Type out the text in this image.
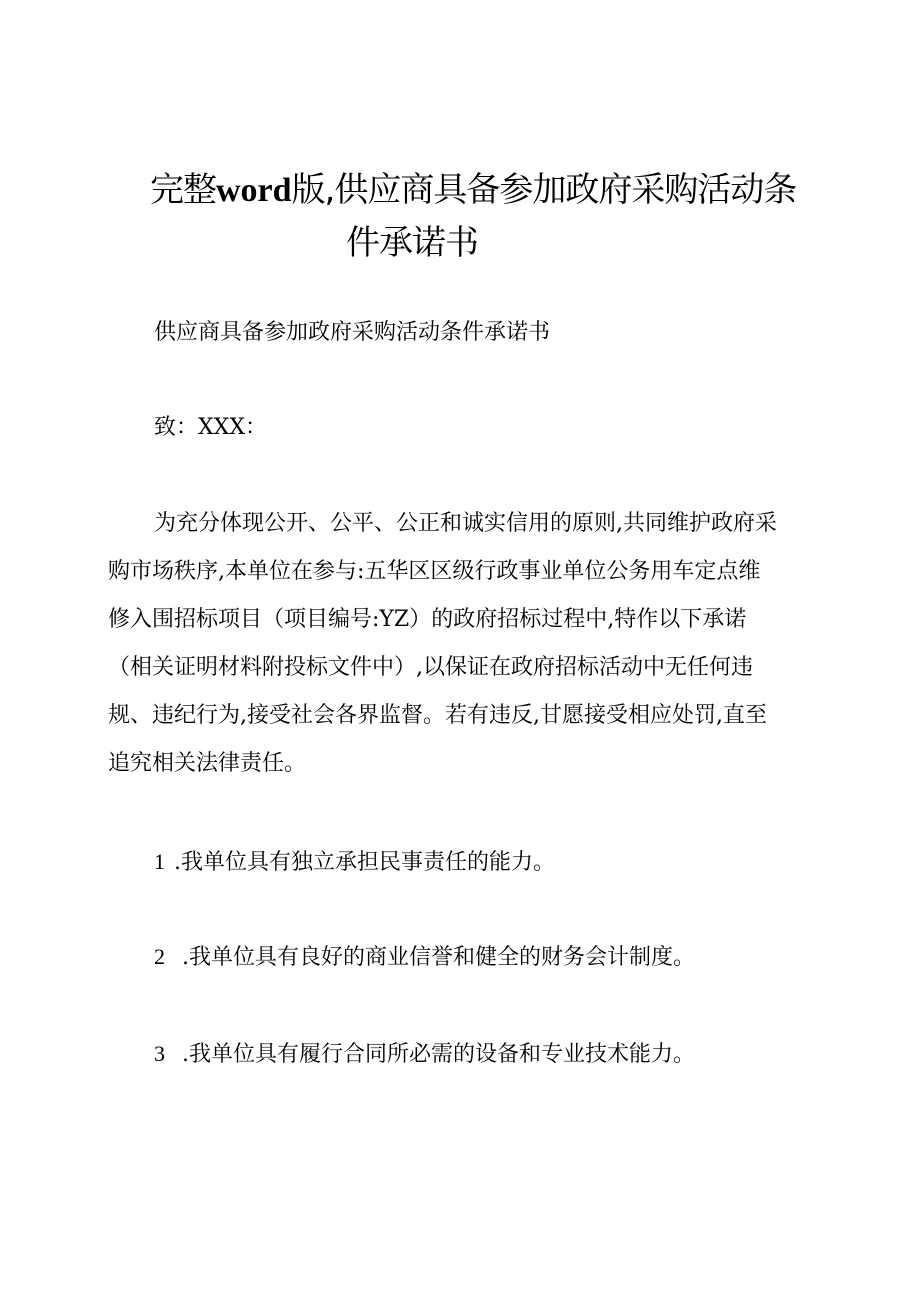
完整word版,供应商具备参加政府采购活动条
件承诺书

供应商具备参加政府采购活动条件承诺书

致：XXX：

为充分体现公开、公平、公正和诚实信用的原则,共同维护政府采
购市场秩序,本单位在参与:五华区区级行政事业单位公务用车定点维
修入围招标项目（项目编号:YZ）的政府招标过程中,特作以下承诺
（相关证明材料附投标文件中）,以保证在政府招标活动中无任何违
规、违纪行为,接受社会各界监督。若有违反,甘愿接受相应处罚,直至
追究相关法律责任。

1 .我单位具有独立承担民事责任的能力。

2 .我单位具有良好的商业信誉和健全的财务会计制度。

3 .我单位具有履行合同所必需的设备和专业技术能力。
